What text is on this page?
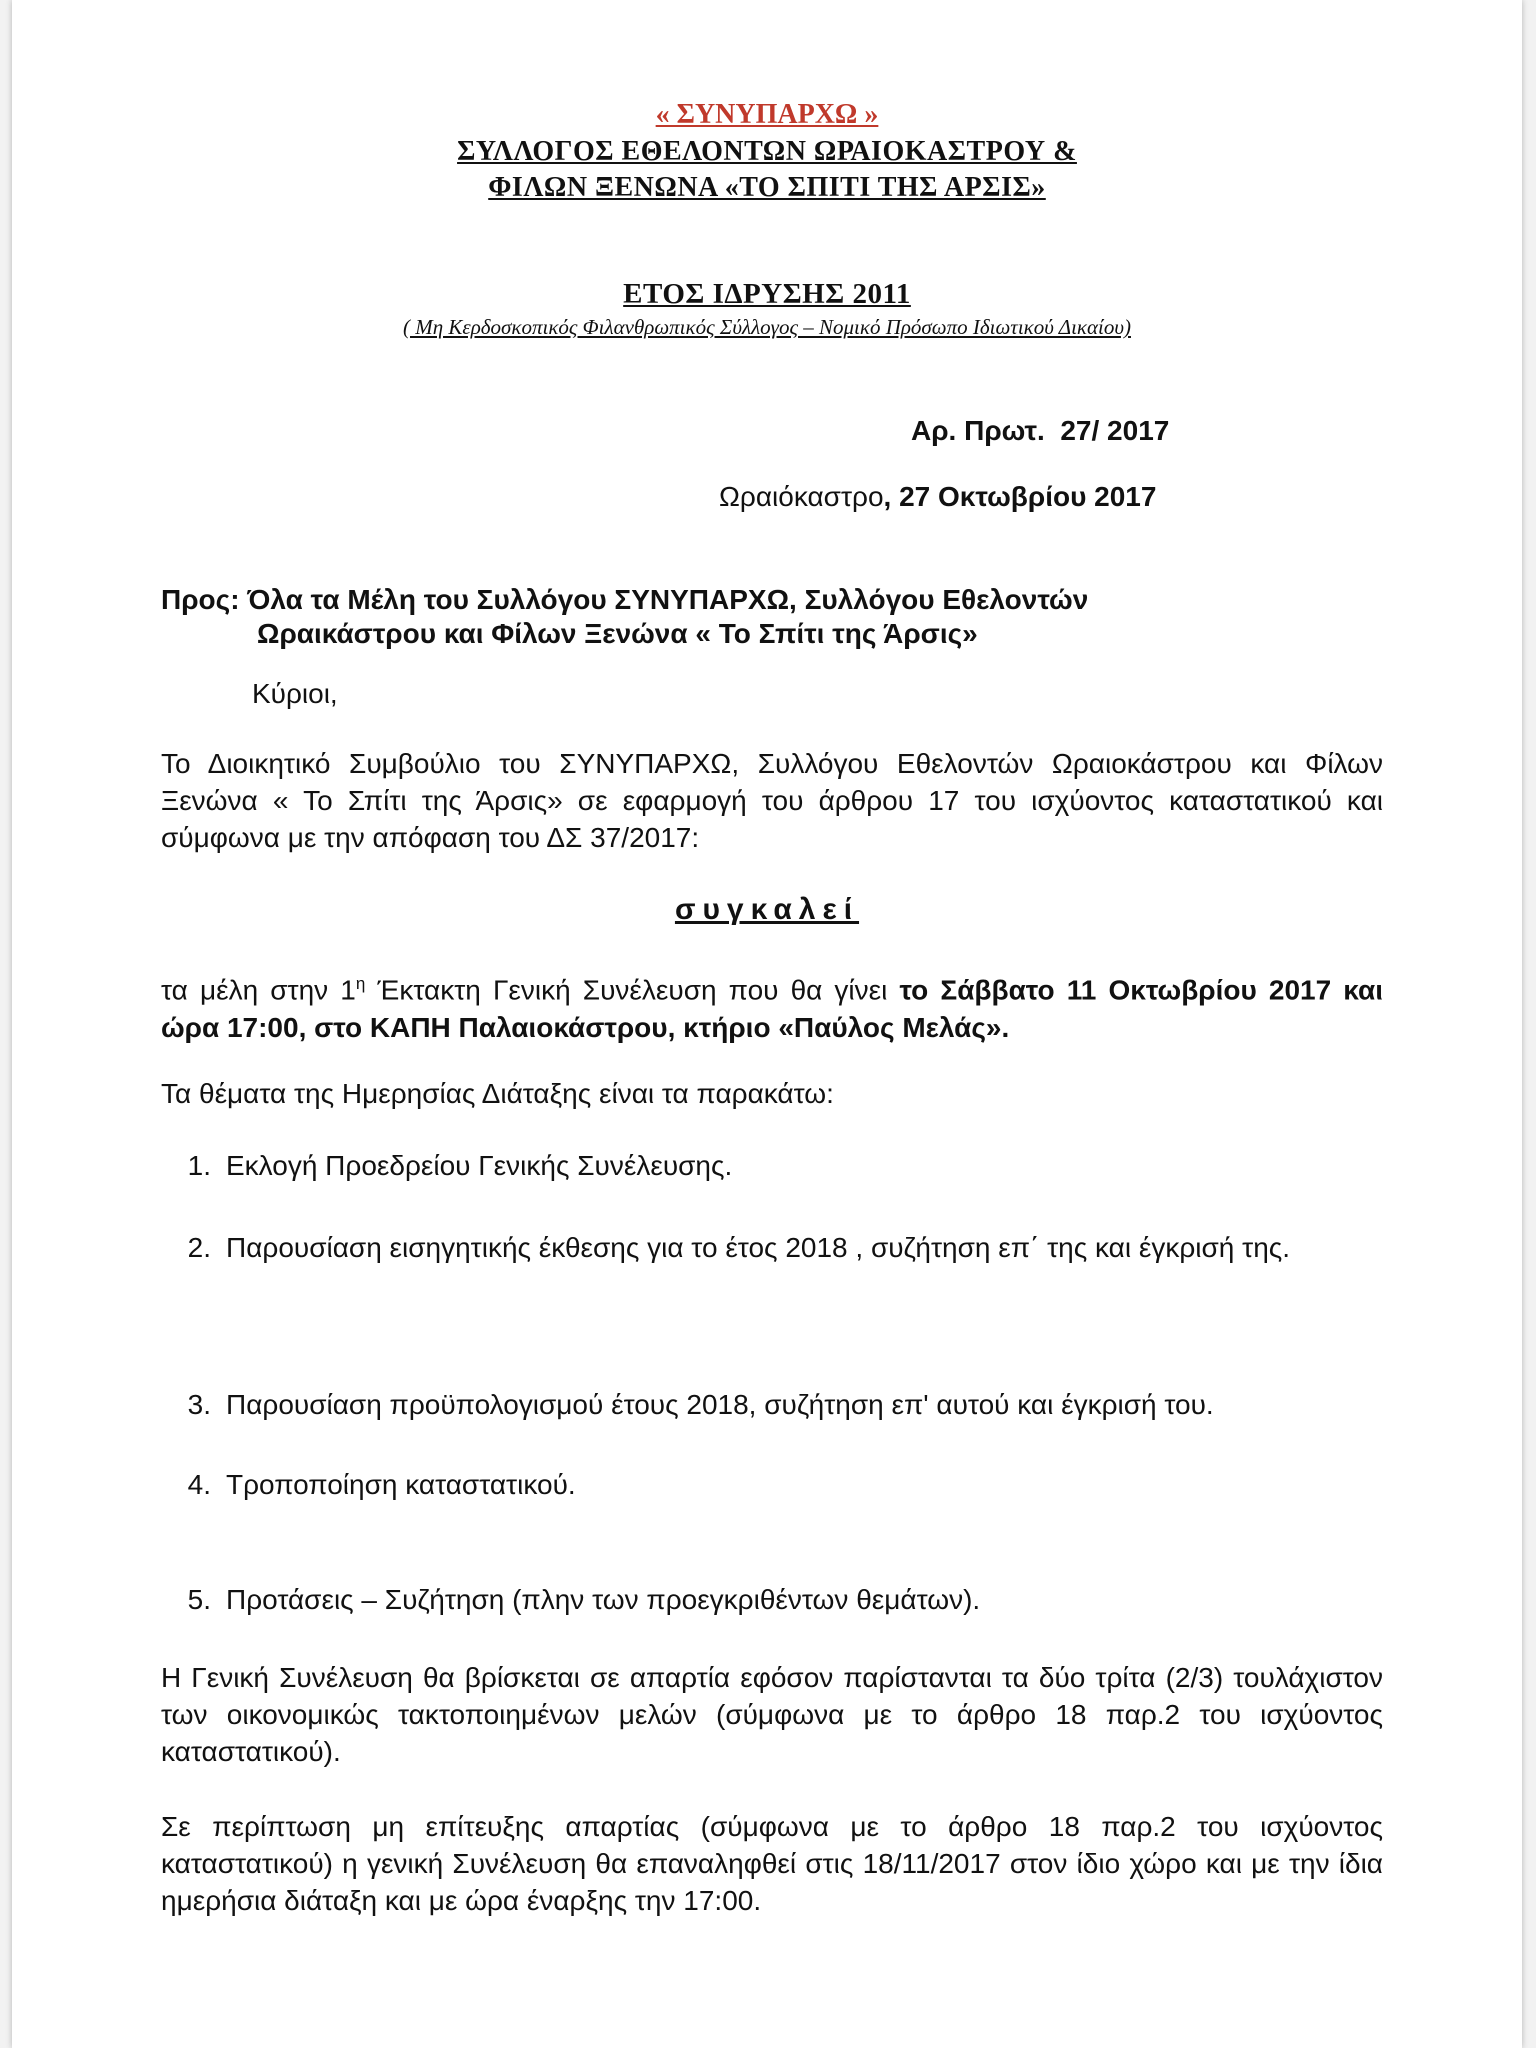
« ΣΥΝΥΠΑΡΧΩ »
ΣΥΛΛΟΓΟΣ ΕΘΕΛΟΝΤΩΝ ΩΡΑΙΟΚΑΣΤΡΟΥ &
ΦΙΛΩΝ ΞΕΝΩΝΑ «ΤΟ ΣΠΙΤΙ ΤΗΣ ΑΡΣΙΣ»
ΕΤΟΣ ΙΔΡΥΣΗΣ 2011
( Μη Κερδοσκοπικός Φιλανθρωπικός Σύλλογος – Νομικό Πρόσωπο Ιδιωτικού Δικαίου)
Αρ. Πρωτ.  27/ 2017
Ωραιόκαστρο, 27 Οκτωβρίου 2017
Προς: Όλα τα Μέλη του Συλλόγου ΣΥΝΥΠΑΡΧΩ, Συλλόγου Εθελοντών
Ωραικάστρου και Φίλων Ξενώνα « Το Σπίτι της Άρσις»
Κύριοι,
Το Διοικητικό Συμβούλιο του ΣΥΝΥΠΑΡΧΩ, Συλλόγου Εθελοντών Ωραιοκάστρου και Φίλων Ξενώνα « Το Σπίτι της Άρσις» σε εφαρμογή του άρθρου 17 του ισχύοντος καταστατικού και σύμφωνα με την απόφαση του ΔΣ 37/2017:
συγκαλεί
τα μέλη στην $1^\eta$ Έκτακτη Γενική Συνέλευση που θα γίνει το Σάββατο 11 Οκτωβρίου 2017 και ώρα 17:00, στο ΚΑΠΗ Παλαιοκάστρου, κτήριο «Παύλος Μελάς».
Τα θέματα της Ημερησίας Διάταξης είναι τα παρακάτω:
1. Εκλογή Προεδρείου Γενικής Συνέλευσης.
2. Παρουσίαση εισηγητικής έκθεσης για το έτος 2018 , συζήτηση επ΄ της και έγκρισή της.
3. Παρουσίαση προϋπολογισμού έτους 2018, συζήτηση επ' αυτού και έγκρισή του.
4. Τροποποίηση καταστατικού.
5. Προτάσεις – Συζήτηση (πλην των προεγκριθέντων θεμάτων).
Η Γενική Συνέλευση θα βρίσκεται σε απαρτία εφόσον παρίστανται τα δύο τρίτα (2/3) τουλάχιστον των οικονομικώς τακτοποιημένων μελών (σύμφωνα με το άρθρο 18 παρ.2 του ισχύοντος καταστατικού).
Σε περίπτωση μη επίτευξης απαρτίας (σύμφωνα με το άρθρο 18 παρ.2 του ισχύοντος καταστατικού) η γενική Συνέλευση θα επαναληφθεί στις 18/11/2017 στον ίδιο χώρο και με την ίδια ημερήσια διάταξη και με ώρα έναρξης την 17:00.
